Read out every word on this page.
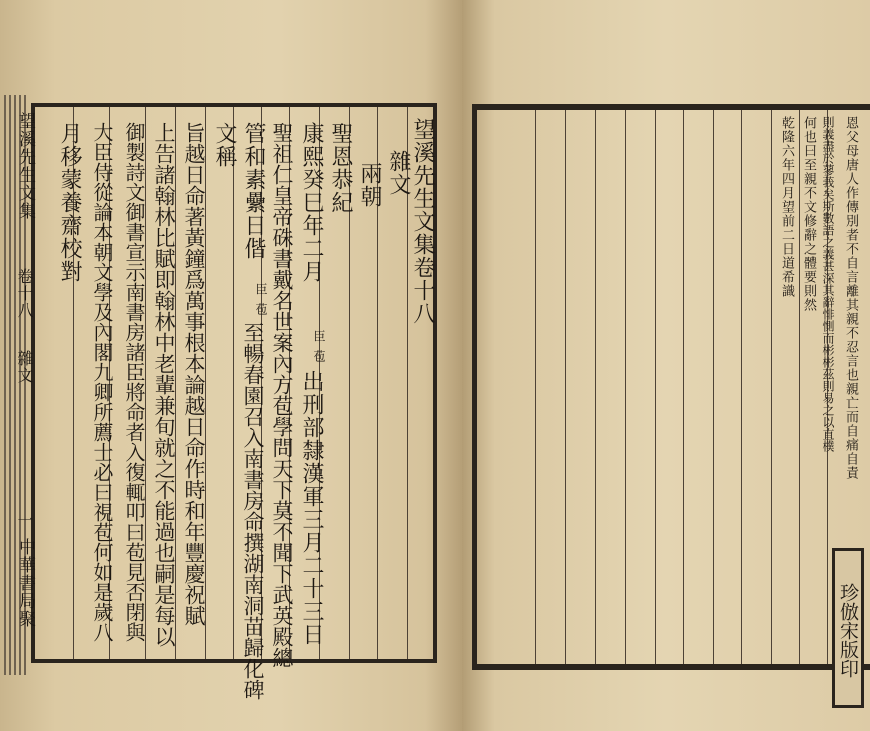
望溪先生文集
卷十八
雜文
一
中華書局聚
望溪先生文集卷十八
雜文
兩朝
聖恩恭紀
康熙癸巳年二月
臣
苞
出刑部隸漢軍三月二十三日
聖祖仁皇帝硃書戴名世案內方苞學問天下莫不聞下武英殿總
管和素纍日偕
臣
苞
至暢春園召入南書房命撰湖南洞苗歸化碑
文稱
旨越日命著黃鐘爲萬事根本論越日命作時和年豐慶祝賦
上告諸翰林比賦即翰林中老輩兼旬就之不能過也嗣是每以
御製詩文御書宣示南書房諸臣將命者入復輒叩曰苞見否閉與
大臣侍從論本朝文學及內閣九卿所薦士必曰視苞何如是歲八
月移蒙養齋校對
　	恩父母唐人作傳別者不自言離其親不忍言也親亡而自痛自責
則義盡於蓼莪矣斯數語之義甚深其辭悱惻而彬彬茲則易之以直樸
何也曰至親不文修辭之體要則然
乾隆六年四月望前二日道希識
珍倣宋版印
